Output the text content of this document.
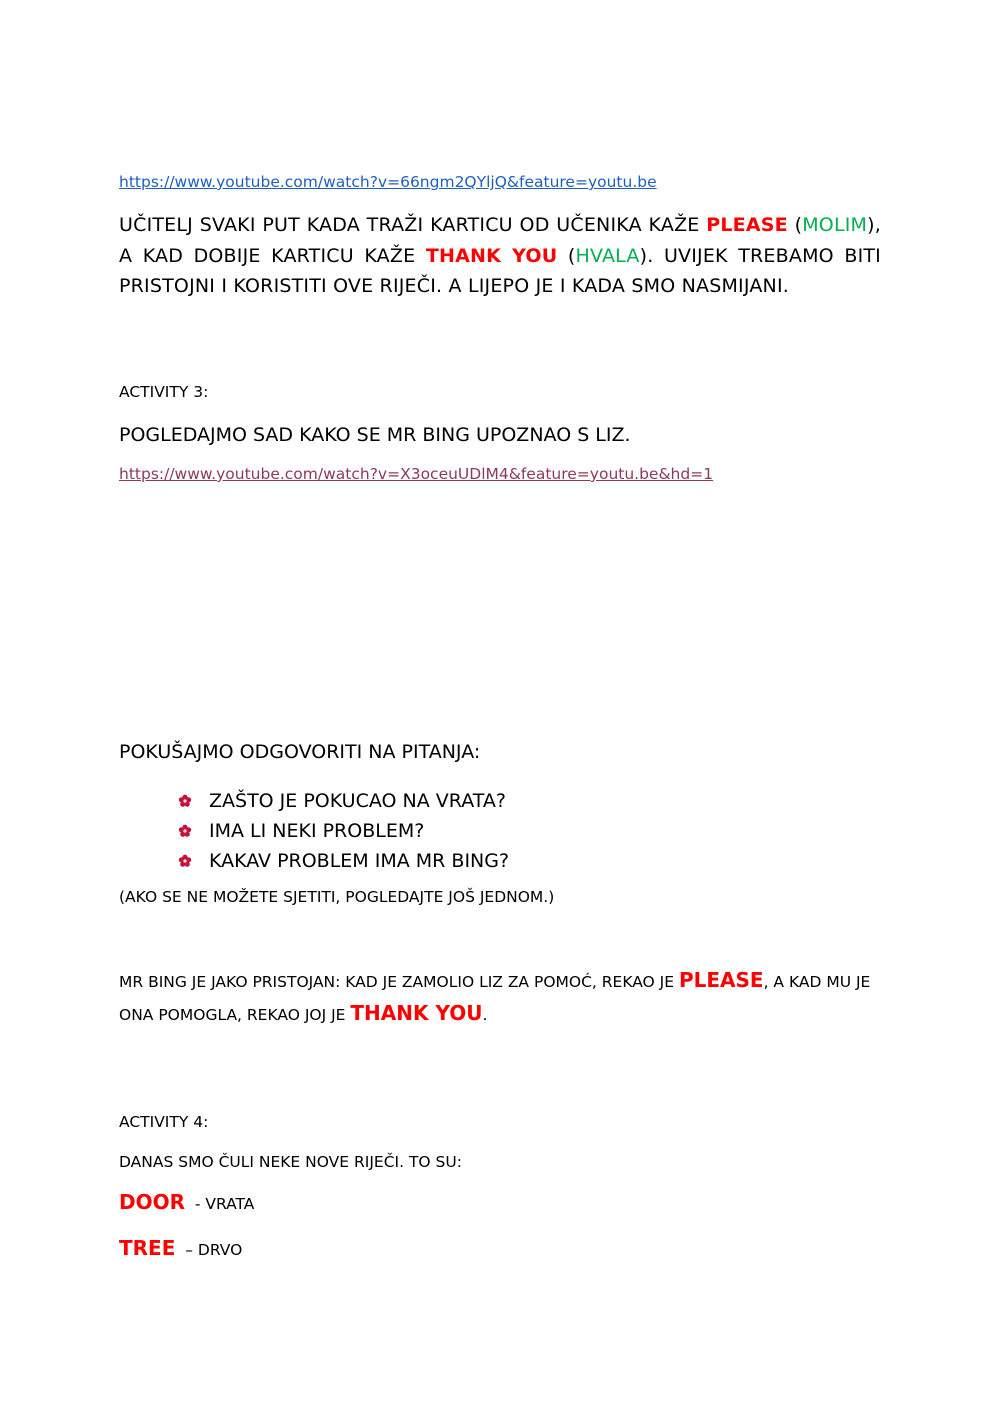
https://www.youtube.com/watch?v=66ngm2QYljQ&feature=youtu.be

UČITELJ SVAKI PUT KADA TRAŽI KARTICU OD UČENIKA KAŽE PLEASE (MOLIM), A KAD DOBIJE KARTICU KAŽE THANK YOU (HVALA). UVIJEK TREBAMO BITI PRISTOJNI I KORISTITI OVE RIJEČI. A LIJEPO JE I KADA SMO NASMIJANI.

ACTIVITY 3:

POGLEDAJMO SAD KAKO SE MR BING UPOZNAO S LIZ.

https://www.youtube.com/watch?v=X3oceuUDlM4&feature=youtu.be&hd=1

POKUŠAJMO ODGOVORITI NA PITANJA:

ZAŠTO JE POKUCAO NA VRATA?
IMA LI NEKI PROBLEM?
KAKAV PROBLEM IMA MR BING?

(AKO SE NE MOŽETE SJETITI, POGLEDAJTE JOŠ JEDNOM.)

MR BING JE JAKO PRISTOJAN: KAD JE ZAMOLIO LIZ ZA POMOĆ, REKAO JE PLEASE, A KAD MU JE ONA POMOGLA, REKAO JOJ JE THANK YOU.

ACTIVITY 4:

DANAS SMO ČULI NEKE NOVE RIJEČI. TO SU:

DOOR  - VRATA

TREE  – DRVO
